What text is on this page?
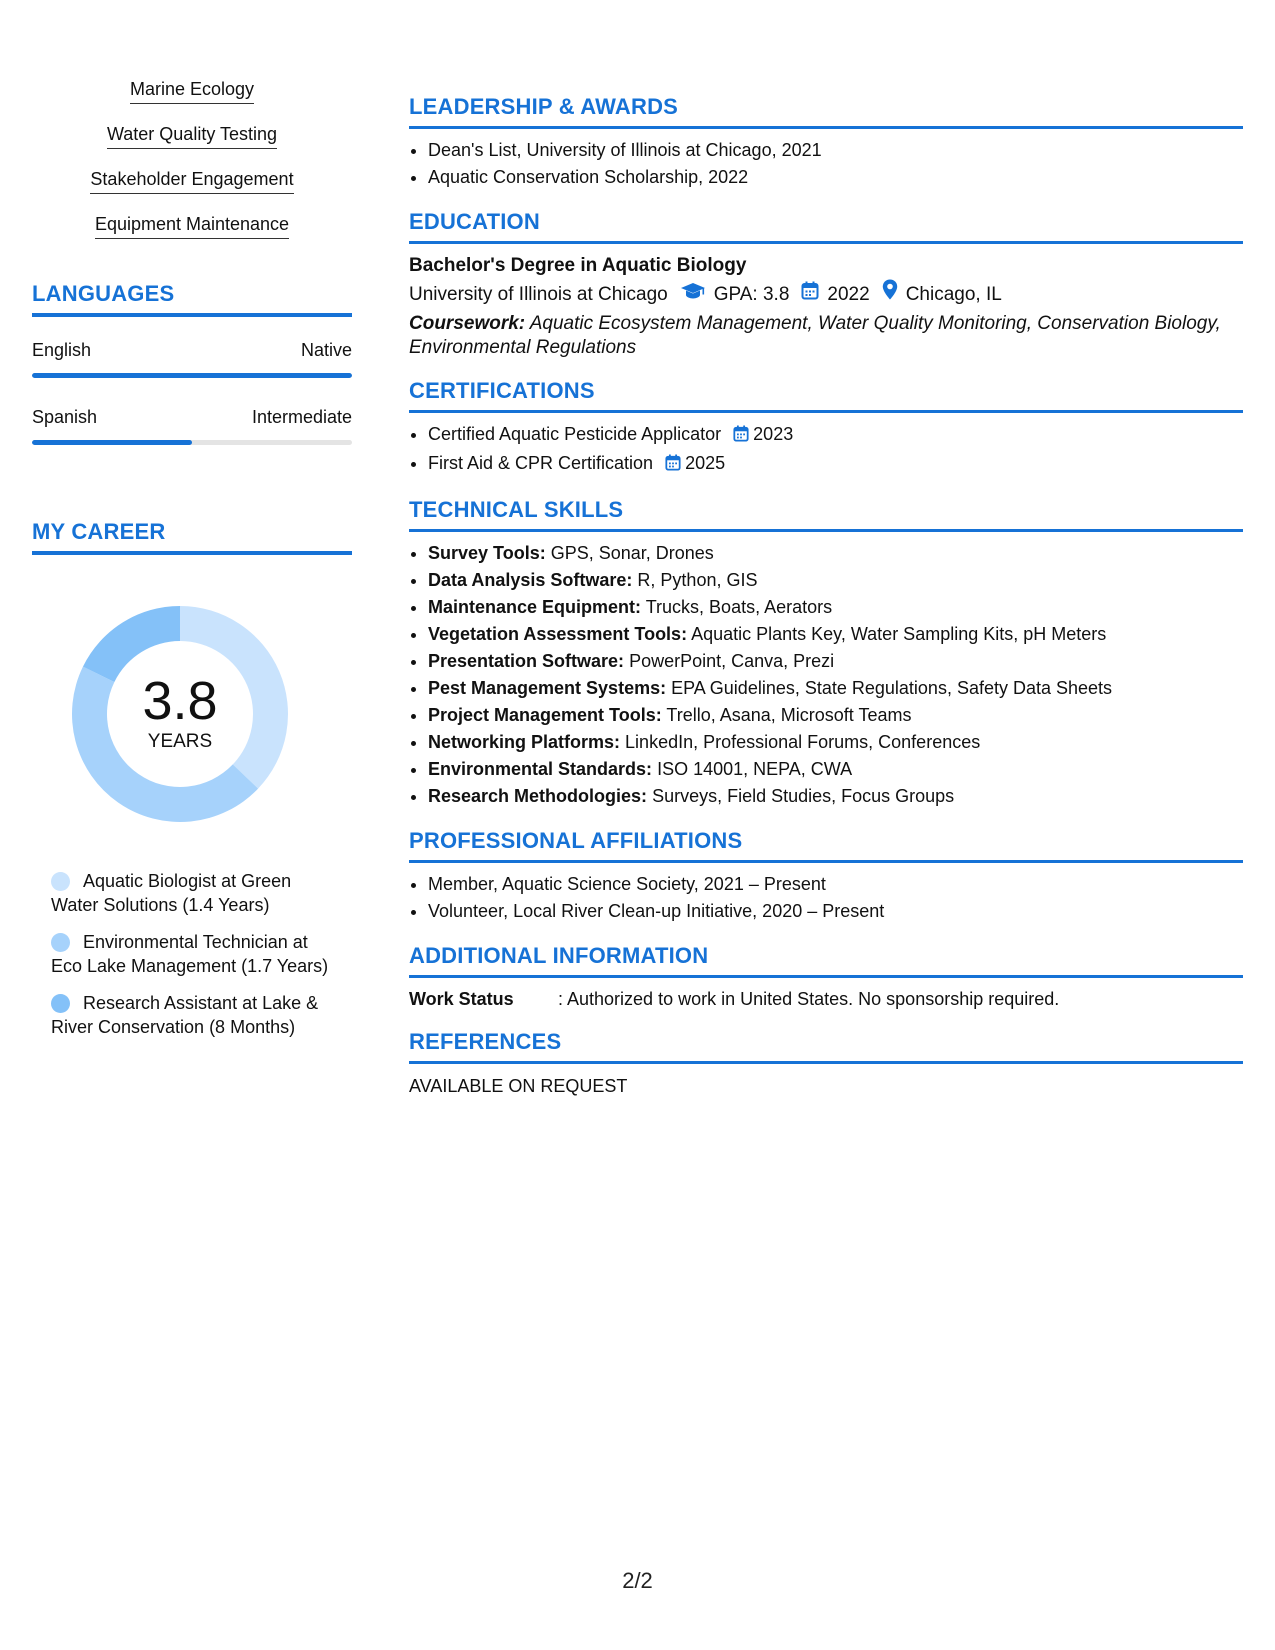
Marine Ecology
Water Quality Testing
Stakeholder Engagement
Equipment Maintenance
LANGUAGES
English	Native
Spanish	Intermediate
MY CAREER
3.8
YEARS
Aquatic Biologist at Green Water Solutions (1.4 Years)
Environmental Technician at Eco Lake Management (1.7 Years)
Research Assistant at Lake & River Conservation (8 Months)
LEADERSHIP & AWARDS
• Dean's List, University of Illinois at Chicago, 2021
• Aquatic Conservation Scholarship, 2022
EDUCATION
Bachelor's Degree in Aquatic Biology
University of Illinois at Chicago GPA: 3.8 2022 Chicago, IL
Coursework: Aquatic Ecosystem Management, Water Quality Monitoring, Conservation Biology, Environmental Regulations
CERTIFICATIONS
• Certified Aquatic Pesticide Applicator 2023
• First Aid & CPR Certification 2025
TECHNICAL SKILLS
• Survey Tools: GPS, Sonar, Drones
• Data Analysis Software: R, Python, GIS
• Maintenance Equipment: Trucks, Boats, Aerators
• Vegetation Assessment Tools: Aquatic Plants Key, Water Sampling Kits, pH Meters
• Presentation Software: PowerPoint, Canva, Prezi
• Pest Management Systems: EPA Guidelines, State Regulations, Safety Data Sheets
• Project Management Tools: Trello, Asana, Microsoft Teams
• Networking Platforms: LinkedIn, Professional Forums, Conferences
• Environmental Standards: ISO 14001, NEPA, CWA
• Research Methodologies: Surveys, Field Studies, Focus Groups
PROFESSIONAL AFFILIATIONS
• Member, Aquatic Science Society, 2021 – Present
• Volunteer, Local River Clean-up Initiative, 2020 – Present
ADDITIONAL INFORMATION
Work Status	: Authorized to work in United States. No sponsorship required.
REFERENCES
AVAILABLE ON REQUEST
2/2
